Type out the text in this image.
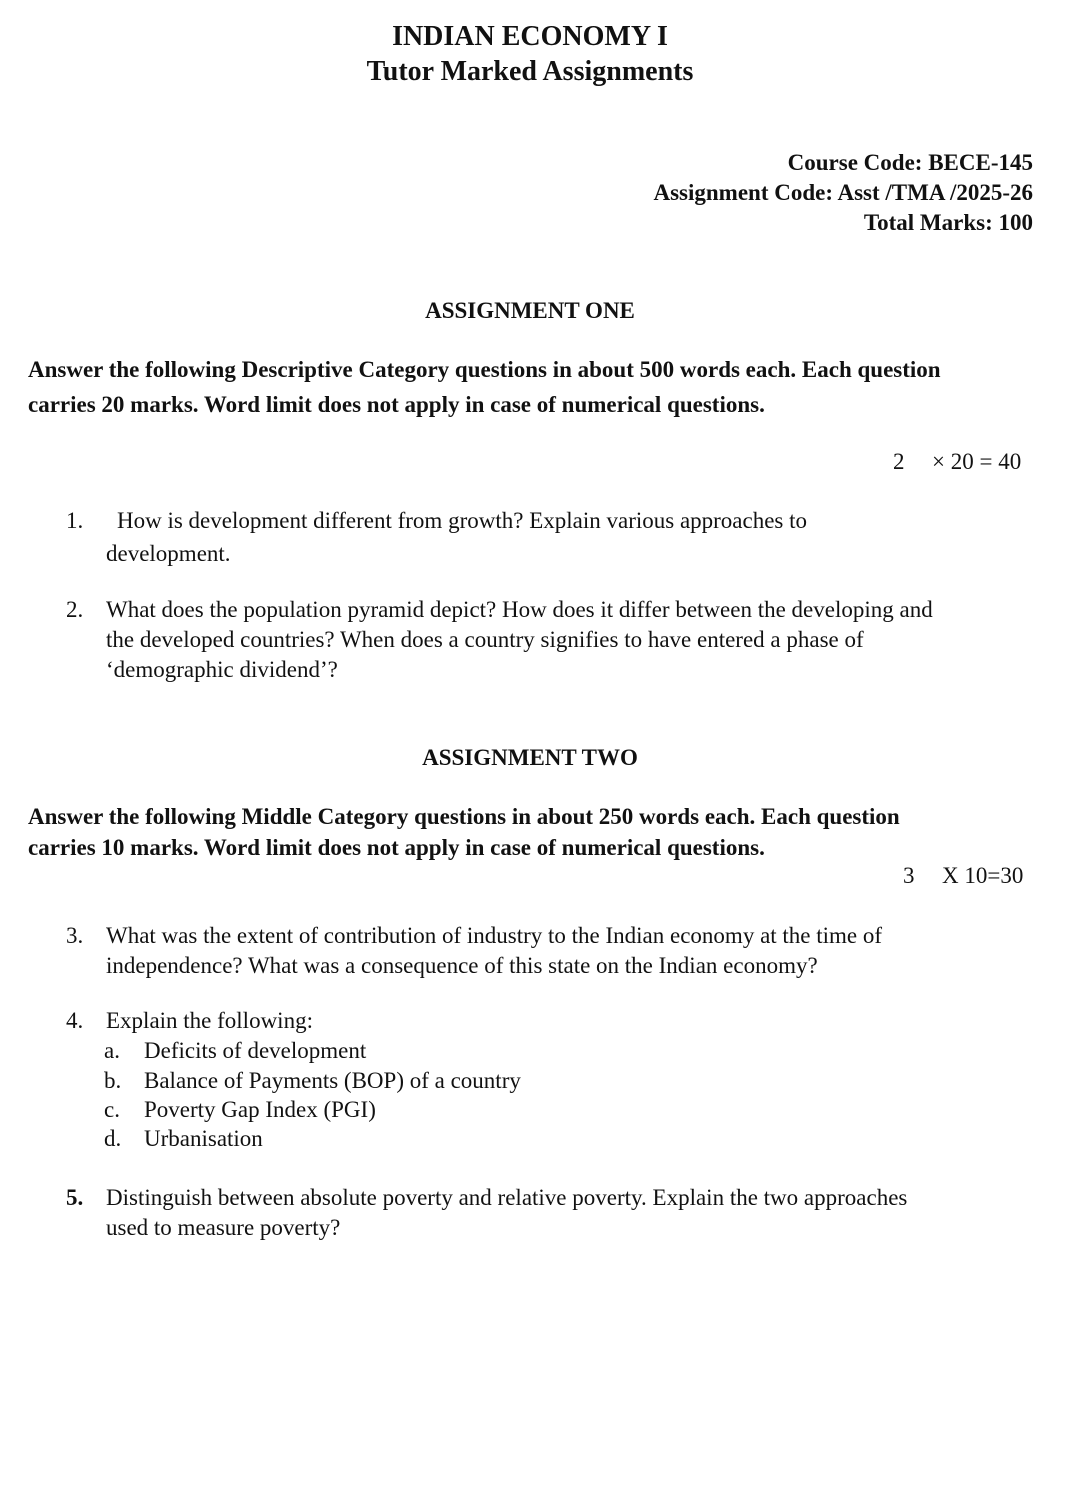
INDIAN ECONOMY I
Tutor Marked Assignments
Course Code: BECE-145
Assignment Code: Asst /TMA /2025-26
Total Marks: 100
ASSIGNMENT ONE
Answer the following Descriptive Category questions in about 500 words each. Each question
carries 20 marks. Word limit does not apply in case of numerical questions.
2 × 20 = 40
1. How is development different from growth? Explain various approaches to
development.
2. What does the population pyramid depict? How does it differ between the developing and
the developed countries? When does a country signifies to have entered a phase of
‘demographic dividend’?
ASSIGNMENT TWO
Answer the following Middle Category questions in about 250 words each. Each question
carries 10 marks. Word limit does not apply in case of numerical questions.
3 X 10=30
3. What was the extent of contribution of industry to the Indian economy at the time of
independence? What was a consequence of this state on the Indian economy?
4. Explain the following:
a. Deficits of development
b. Balance of Payments (BOP) of a country
c. Poverty Gap Index (PGI)
d. Urbanisation
5. Distinguish between absolute poverty and relative poverty. Explain the two approaches
used to measure poverty?
